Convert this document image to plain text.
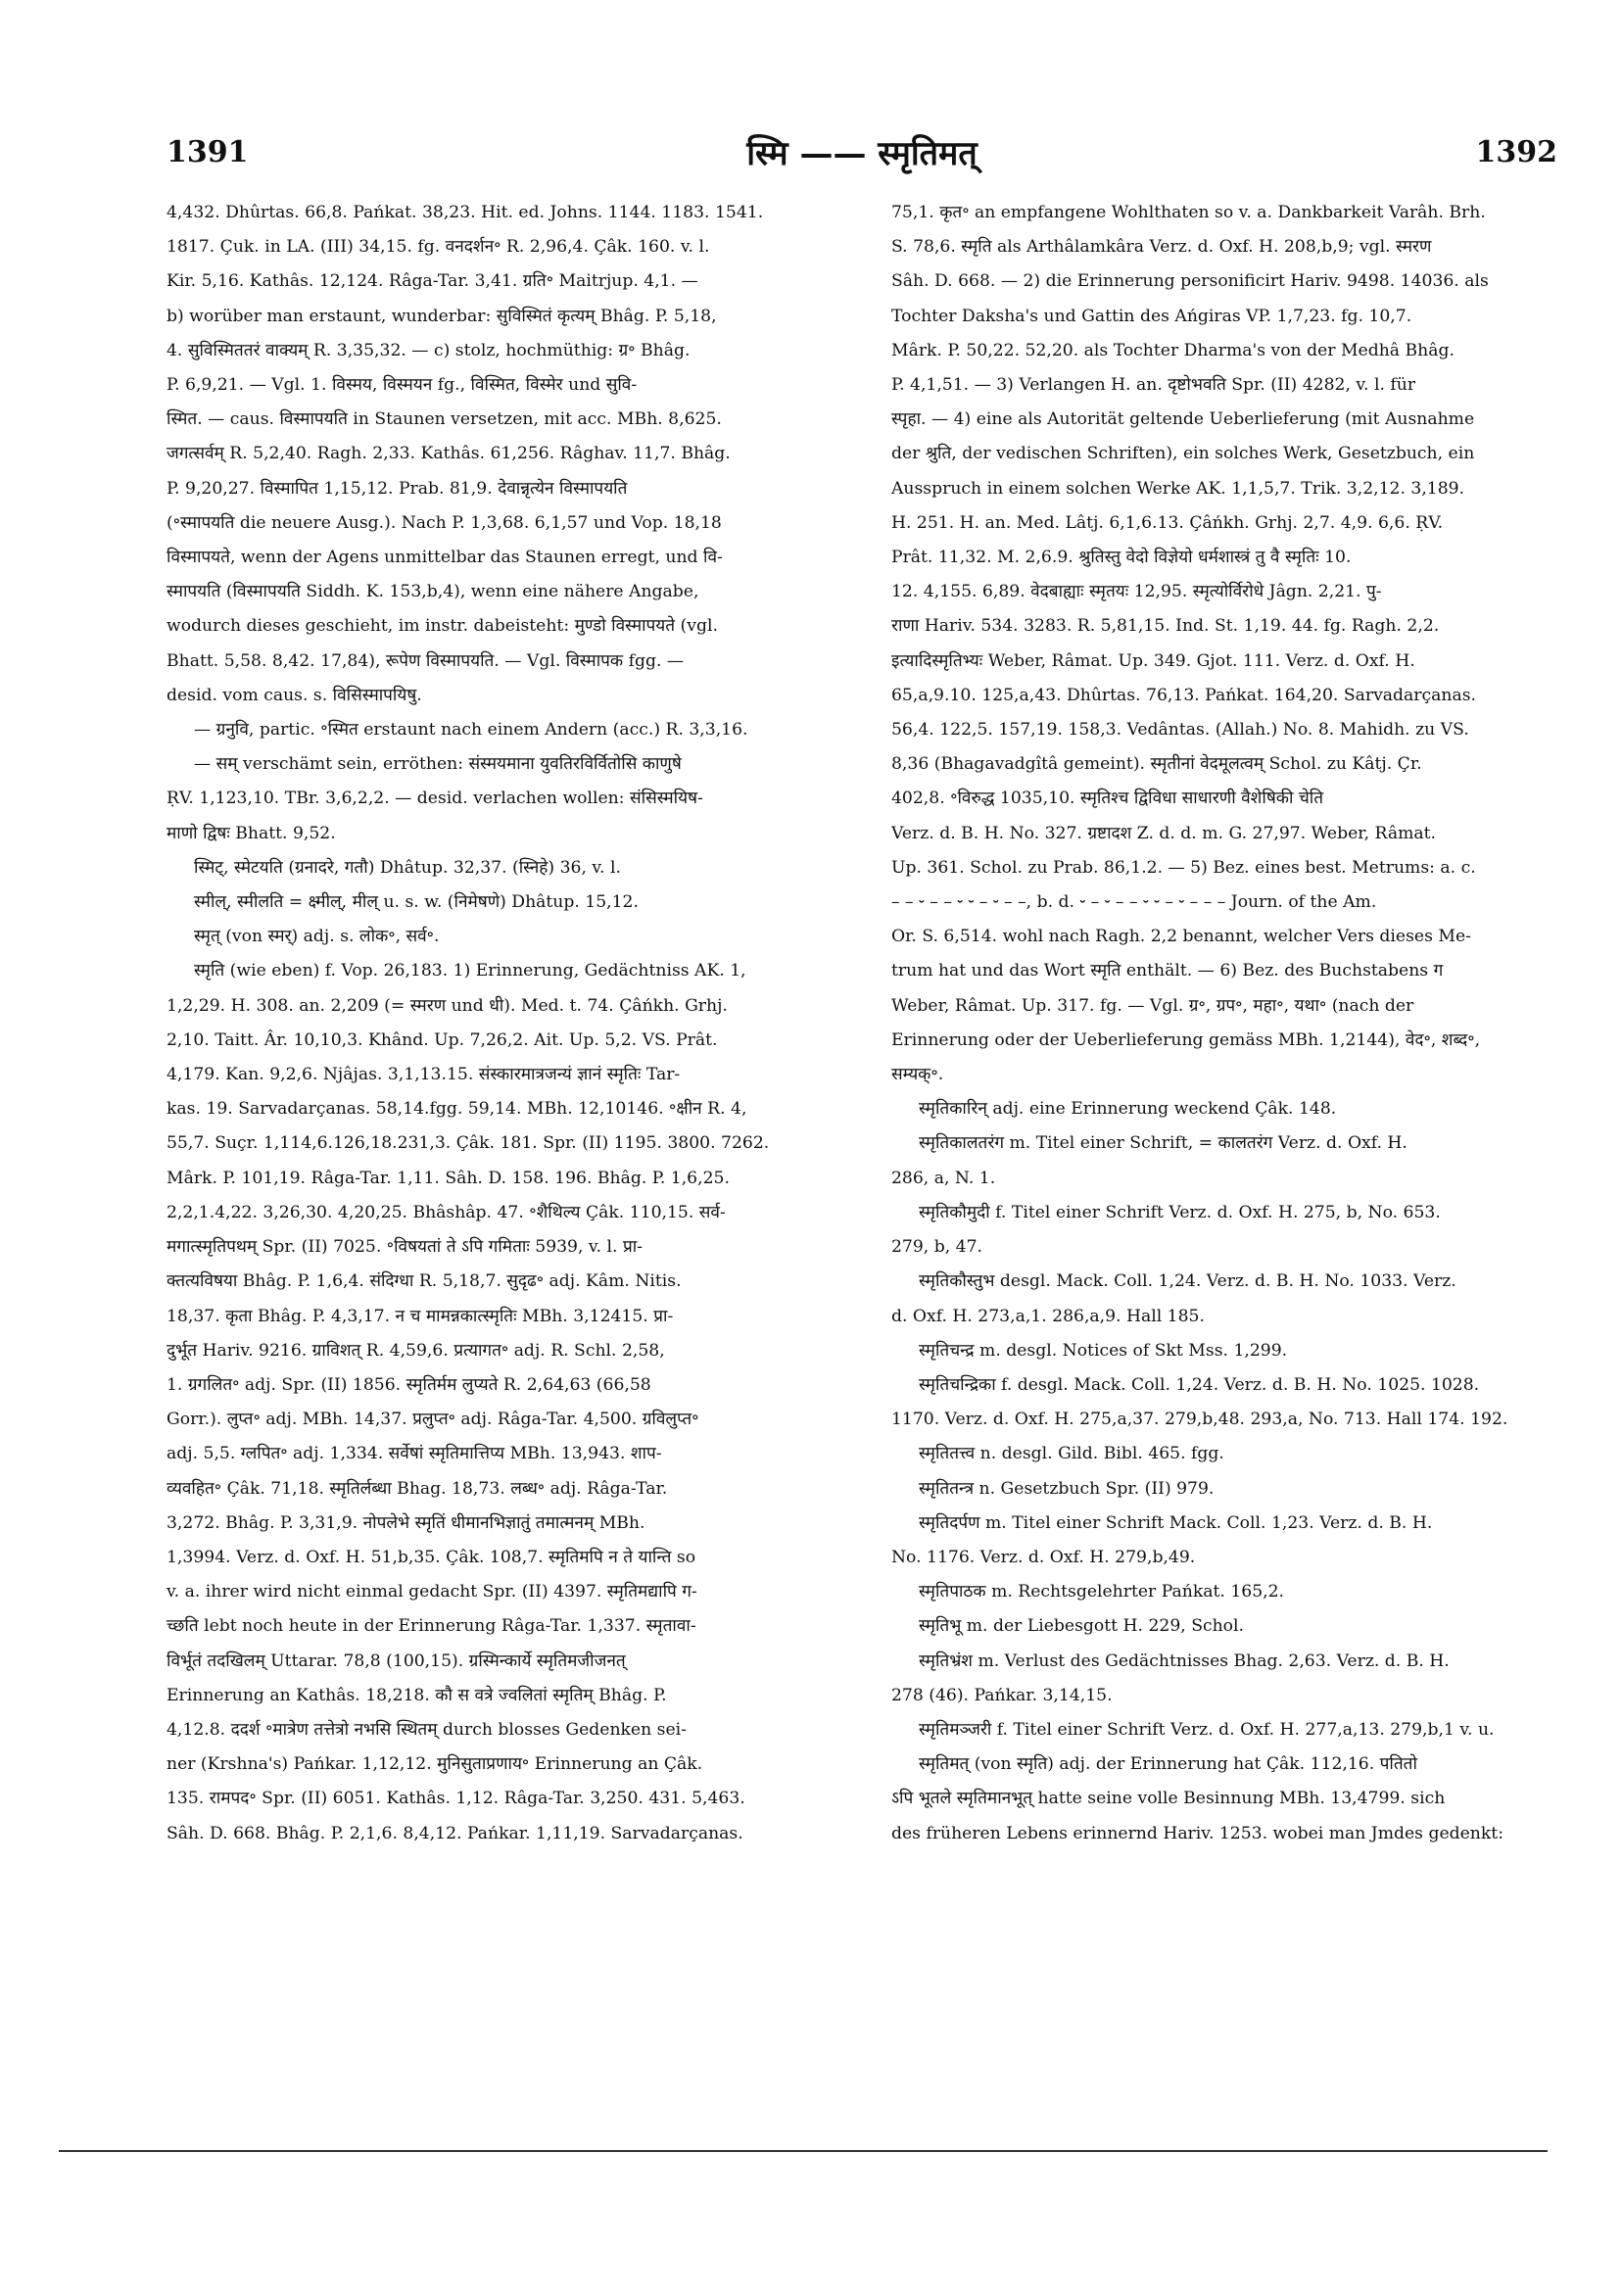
1391	स्मि —— स्मृतिमत्	1392

4,432. Dhûrtas. 66,8. Pańkat. 38,23. Hit. ed. Johns. 1144. 1183. 1541.

1817. Çuk. in LA. (III) 34,15. fg. वनदर्शन॰ R. 2,96,4. Çâk. 160. v. l.

Kir. 5,16. Kathâs. 12,124. Râga-Tar. 3,41. ग्रति॰ Maitrjup. 4,1. —

b) worüber man erstaunt, wunderbar: सुविस्मितं कृत्यम् Bhâg. P. 5,18,

4. सुविस्मिततरं वाक्यम् R. 3,35,32. — c) stolz, hochmüthig: ग्र॰ Bhâg.

P. 6,9,21. — Vgl. 1. विस्मय, विस्मयन fg., विस्मित, विस्मेर und सुवि-

स्मित. — caus. विस्मापयति in Staunen versetzen, mit acc. MBh. 8,625.

जगत्सर्वम् R. 5,2,40. Ragh. 2,33. Kathâs. 61,256. Râghav. 11,7. Bhâg.

P. 9,20,27. विस्मापित 1,15,12. Prab. 81,9. देवान्नृत्येन विस्मापयति

(॰स्मापयति die neuere Ausg.). Nach P. 1,3,68. 6,1,57 und Vop. 18,18

विस्मापयते, wenn der Agens unmittelbar das Staunen erregt, und वि-

स्मापयति (विस्मापयति Siddh. K. 153,b,4), wenn eine nähere Angabe,

wodurch dieses geschieht, im instr. dabeisteht: मुण्डो विस्मापयते (vgl.

Bhatt. 5,58. 8,42. 17,84), रूपेण विस्मापयति. — Vgl. विस्मापक fgg. —

desid. vom caus. s. विसिस्मापयिषु.

— ग्रनुवि, partic. ॰स्मित erstaunt nach einem Andern (acc.) R. 3,3,16.

— सम् verschämt sein, erröthen: संस्मयमाना युवतिरविर्वितोसि काणुषे

ṚV. 1,123,10. TBr. 3,6,2,2. — desid. verlachen wollen: संसिस्मयिष-

माणो द्विषः Bhatt. 9,52.

स्मिट्, स्मेटयति (ग्रनादरे, गतौ) Dhâtup. 32,37. (स्निहे) 36, v. l.

स्मील्, स्मीलति = क्ष्मील्, मील् u. s. w. (निमेषणे) Dhâtup. 15,12.

स्मृत् (von स्मर्) adj. s. लोक॰, सर्व॰.

स्मृति (wie eben) f. Vop. 26,183. 1) Erinnerung, Gedächtniss AK. 1,

1,2,29. H. 308. an. 2,209 (= स्मरण und धी). Med. t. 74. Çâńkh. Grhj.

2,10. Taitt. Âr. 10,10,3. Khând. Up. 7,26,2. Ait. Up. 5,2. VS. Prât.

4,179. Kan. 9,2,6. Njâjas. 3,1,13.15. संस्कारमात्रजन्यं ज्ञानं स्मृतिः Tar-

kas. 19. Sarvadarçanas. 58,14.fgg. 59,14. MBh. 12,10146. ॰क्षीन R. 4,

55,7. Suçr. 1,114,6.126,18.231,3. Çâk. 181. Spr. (II) 1195. 3800. 7262.

Mârk. P. 101,19. Râga-Tar. 1,11. Sâh. D. 158. 196. Bhâg. P. 1,6,25.

2,2,1.4,22. 3,26,30. 4,20,25. Bhâshâp. 47. ॰शैथिल्य Çâk. 110,15. सर्व-

मगात्स्मृतिपथम् Spr. (II) 7025. ॰विषयतां ते ऽपि गमिताः 5939, v. l. प्रा-

क्तत्यविषया Bhâg. P. 1,6,4. संदिग्धा R. 5,18,7. सुदृढ॰ adj. Kâm. Nitis.

18,37. कृता Bhâg. P. 4,3,17. न च मामन्नकात्स्मृतिः MBh. 3,12415. प्रा-

दुर्भूत Hariv. 9216. ग्राविशत् R. 4,59,6. प्रत्यागत॰ adj. R. Schl. 2,58,

1. ग्रगलित॰ adj. Spr. (II) 1856. स्मृतिर्मम लुप्यते R. 2,64,63 (66,58

Gorr.). लुप्त॰ adj. MBh. 14,37. प्रलुप्त॰ adj. Râga-Tar. 4,500. ग्रविलुप्त॰

adj. 5,5. ग्लपित॰ adj. 1,334. सर्वेषां स्मृतिमात्तिप्य MBh. 13,943. शाप-

व्यवहित॰ Çâk. 71,18. स्मृतिर्लब्धा Bhag. 18,73. लब्ध॰ adj. Râga-Tar.

3,272. Bhâg. P. 3,31,9. नोपलेभे स्मृतिं धीमानभिज्ञातुं तमात्मनम् MBh.

1,3994. Verz. d. Oxf. H. 51,b,35. Çâk. 108,7. स्मृतिमपि न ते यान्ति so

v. a. ihrer wird nicht einmal gedacht Spr. (II) 4397. स्मृतिमद्यापि ग-

च्छति lebt noch heute in der Erinnerung Râga-Tar. 1,337. स्मृतावा-

विर्भूतं तदखिलम् Uttarar. 78,8 (100,15). ग्रस्मिन्कार्ये स्मृतिमजीजनत्

Erinnerung an Kathâs. 18,218. कौ स वत्रे ज्वलितां स्मृतिम् Bhâg. P.

4,12.8. ददर्श ॰मात्रेण तत्तेत्रो नभसि स्थितम् durch blosses Gedenken sei-

ner (Krshna's) Pańkar. 1,12,12. मुनिसुताप्रणाय॰ Erinnerung an Çâk.

135. रामपद॰ Spr. (II) 6051. Kathâs. 1,12. Râga-Tar. 3,250. 431. 5,463.

Sâh. D. 668. Bhâg. P. 2,1,6. 8,4,12. Pańkar. 1,11,19. Sarvadarçanas.

75,1. कृत॰ an empfangene Wohlthaten so v. a. Dankbarkeit Varâh. Brh.

S. 78,6. स्मृति als Arthâlamkâra Verz. d. Oxf. H. 208,b,9; vgl. स्मरण

Sâh. D. 668. — 2) die Erinnerung personificirt Hariv. 9498. 14036. als

Tochter Daksha's und Gattin des Ańgiras VP. 1,7,23. fg. 10,7.

Mârk. P. 50,22. 52,20. als Tochter Dharma's von der Medhâ Bhâg.

P. 4,1,51. — 3) Verlangen H. an. दृष्टोभवति Spr. (II) 4282, v. l. für

स्पृहा. — 4) eine als Autorität geltende Ueberlieferung (mit Ausnahme

der श्रुति, der vedischen Schriften), ein solches Werk, Gesetzbuch, ein

Ausspruch in einem solchen Werke AK. 1,1,5,7. Trik. 3,2,12. 3,189.

H. 251. H. an. Med. Lâtj. 6,1,6.13. Çâńkh. Grhj. 2,7. 4,9. 6,6. ṚV.

Prât. 11,32. M. 2,6.9. श्रुतिस्तु वेदो विज्ञेयो धर्मशास्त्रं तु वै स्मृतिः 10.

12. 4,155. 6,89. वेदबाह्याः स्मृतयः 12,95. स्मृत्योर्विरोधे Jâgn. 2,21. पु-

राणा Hariv. 534. 3283. R. 5,81,15. Ind. St. 1,19. 44. fg. Ragh. 2,2.

इत्यादिस्मृतिभ्यः Weber, Râmat. Up. 349. Gjot. 111. Verz. d. Oxf. H.

65,a,9.10. 125,a,43. Dhûrtas. 76,13. Pańkat. 164,20. Sarvadarçanas.

56,4. 122,5. 157,19. 158,3. Vedântas. (Allah.) No. 8. Mahidh. zu VS.

8,36 (Bhagavadgîtâ gemeint). स्मृतीनां वेदमूलत्वम् Schol. zu Kâtj. Çr.

402,8. ॰विरुद्ध 1035,10. स्मृतिश्च द्विविधा साधारणी वैशेषिकी चेति

Verz. d. B. H. No. 327. ग्रष्टादश Z. d. d. m. G. 27,97. Weber, Râmat.

Up. 361. Schol. zu Prab. 86,1.2. — 5) Bez. eines best. Metrums: a. c.

– – ⏑ – – ⏑ ⏑ – ⏑ – –, b. d. ⏑ – ⏑ – – ⏑ ⏑ – ⏑ – – – Journ. of the Am.

Or. S. 6,514. wohl nach Ragh. 2,2 benannt, welcher Vers dieses Me-

trum hat und das Wort स्मृति enthält. — 6) Bez. des Buchstabens ग

Weber, Râmat. Up. 317. fg. — Vgl. ग्र॰, ग्रप॰, महा॰, यथा॰ (nach der

Erinnerung oder der Ueberlieferung gemäss MBh. 1,2144), वेद॰, शब्द॰,

सम्यक्॰.

स्मृतिकारिन् adj. eine Erinnerung weckend Çâk. 148.

स्मृतिकालतरंग m. Titel einer Schrift, = कालतरंग Verz. d. Oxf. H.

286, a, N. 1.

स्मृतिकौमुदी f. Titel einer Schrift Verz. d. Oxf. H. 275, b, No. 653.

279, b, 47.

स्मृतिकौस्तुभ desgl. Mack. Coll. 1,24. Verz. d. B. H. No. 1033. Verz.

d. Oxf. H. 273,a,1. 286,a,9. Hall 185.

स्मृतिचन्द्र m. desgl. Notices of Skt Mss. 1,299.

स्मृतिचन्द्रिका f. desgl. Mack. Coll. 1,24. Verz. d. B. H. No. 1025. 1028.

1170. Verz. d. Oxf. H. 275,a,37. 279,b,48. 293,a, No. 713. Hall 174. 192.

स्मृतितत्त्व n. desgl. Gild. Bibl. 465. fgg.

स्मृतितन्त्र n. Gesetzbuch Spr. (II) 979.

स्मृतिदर्पण m. Titel einer Schrift Mack. Coll. 1,23. Verz. d. B. H.

No. 1176. Verz. d. Oxf. H. 279,b,49.

स्मृतिपाठक m. Rechtsgelehrter Pańkat. 165,2.

स्मृतिभू m. der Liebesgott H. 229, Schol.

स्मृतिभ्रंश m. Verlust des Gedächtnisses Bhag. 2,63. Verz. d. B. H.

278 (46). Pańkar. 3,14,15.

स्मृतिमञ्जरी f. Titel einer Schrift Verz. d. Oxf. H. 277,a,13. 279,b,1 v. u.

स्मृतिमत् (von स्मृति) adj. der Erinnerung hat Çâk. 112,16. पतितो

ऽपि भूतले स्मृतिमानभूत् hatte seine volle Besinnung MBh. 13,4799. sich

des früheren Lebens erinnernd Hariv. 1253. wobei man Jmdes gedenkt:
